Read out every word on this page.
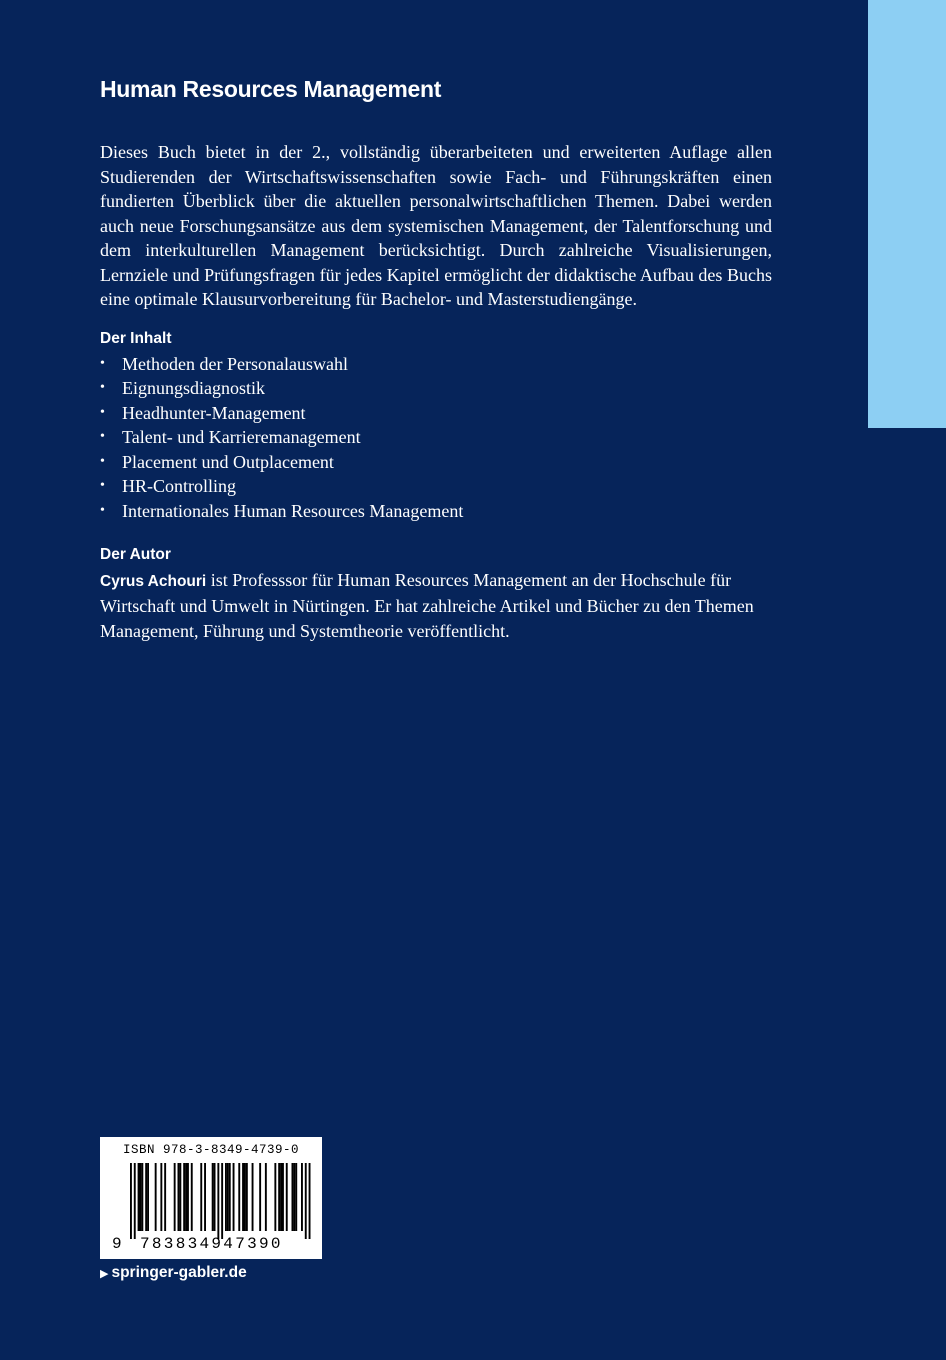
Human Resources Management

Dieses Buch bietet in der 2., vollständig überarbeiteten und erweiterten Auflage allen Studierenden der Wirtschaftswissenschaften sowie Fach- und Führungskräften einen fundierten Überblick über die aktuellen personalwirtschaftlichen Themen. Dabei werden auch neue Forschungsansätze aus dem systemischen Management, der Talentforschung und dem interkulturellen Management berücksichtigt. Durch zahlreiche Visualisierungen, Lernziele und Prüfungsfragen für jedes Kapitel ermöglicht der didaktische Aufbau des Buchs eine optimale Klausurvorbereitung für Bachelor- und Masterstudiengänge.

Der Inhalt
• Methoden der Personalauswahl
• Eignungsdiagnostik
• Headhunter-Management
• Talent- und Karrieremanagement
• Placement und Outplacement
• HR-Controlling
• Internationales Human Resources Management
Der Autor

Cyrus Achouri ist Professsor für Human Resources Management an der Hochschule für Wirtschaft und Umwelt in Nürtingen. Er hat zahlreiche Artikel und Bücher zu den Themen Management, Führung und Systemtheorie veröffentlicht.

ISBN 978-3-8349-4739-0
9 783834947390
▶ springer-gabler.de
